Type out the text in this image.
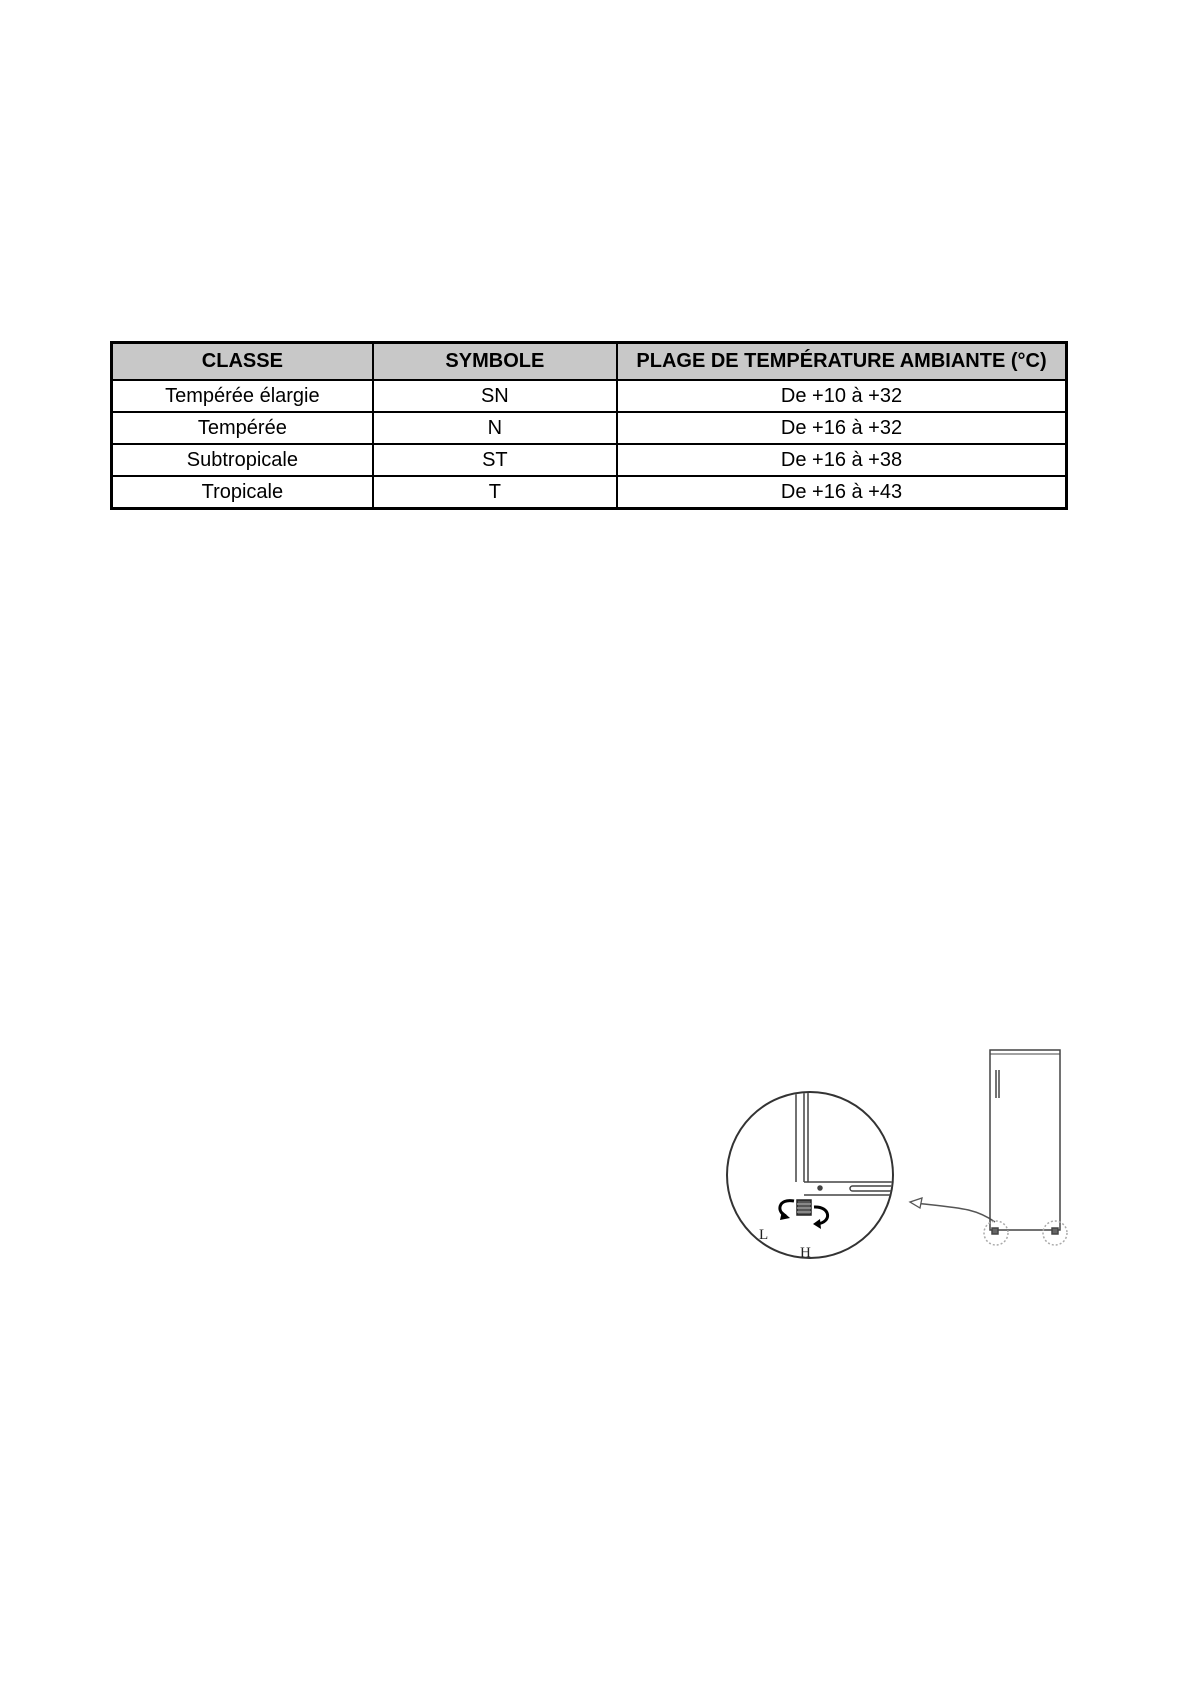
CLASSE	SYMBOLE	PLAGE DE TEMPÉRATURE AMBIANTE (°C)
Tempérée élargie	SN	De +10 à +32
Tempérée	N	De +16 à +32
Subtropicale	ST	De +16 à +38
Tropicale	T	De +16 à +43
L
H
